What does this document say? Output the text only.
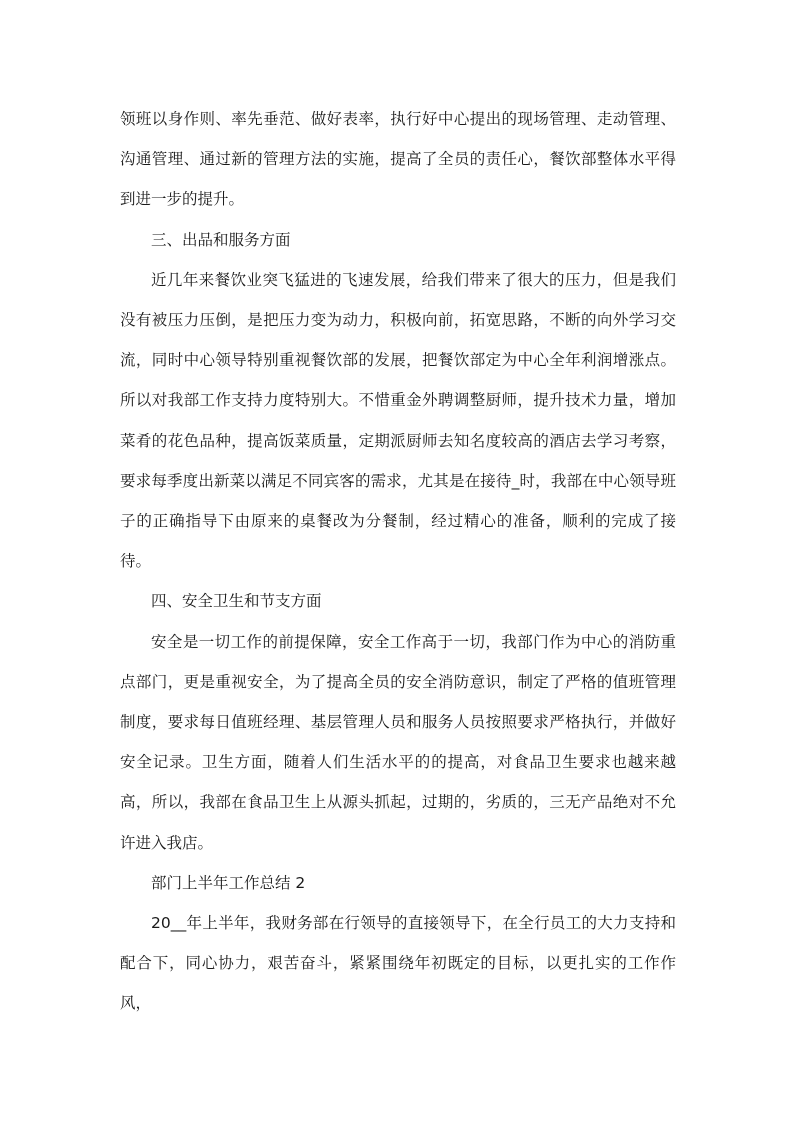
领班以身作则、率先垂范、做好表率，执行好中心提出的现场管理、走动管理、沟通管理、通过新的管理方法的实施，提高了全员的责任心，餐饮部整体水平得到进一步的提升。

三、出品和服务方面

近几年来餐饮业突飞猛进的飞速发展，给我们带来了很大的压力，但是我们没有被压力压倒，是把压力变为动力，积极向前，拓宽思路，不断的向外学习交流，同时中心领导特别重视餐饮部的发展，把餐饮部定为中心全年利润增涨点。所以对我部工作支持力度特别大。不惜重金外聘调整厨师，提升技术力量，增加菜肴的花色品种，提高饭菜质量，定期派厨师去知名度较高的酒店去学习考察，要求每季度出新菜以满足不同宾客的需求，尤其是在接待_时，我部在中心领导班子的正确指导下由原来的桌餐改为分餐制，经过精心的准备，顺利的完成了接待。

四、安全卫生和节支方面

安全是一切工作的前提保障，安全工作高于一切，我部门作为中心的消防重点部门，更是重视安全，为了提高全员的安全消防意识，制定了严格的值班管理制度，要求每日值班经理、基层管理人员和服务人员按照要求严格执行，并做好安全记录。卫生方面，随着人们生活水平的的提高，对食品卫生要求也越来越高，所以，我部在食品卫生上从源头抓起，过期的，劣质的，三无产品绝对不允许进入我店。

部门上半年工作总结 2

20__年上半年，我财务部在行领导的直接领导下，在全行员工的大力支持和配合下，同心协力，艰苦奋斗，紧紧围绕年初既定的目标，以更扎实的工作作风，
